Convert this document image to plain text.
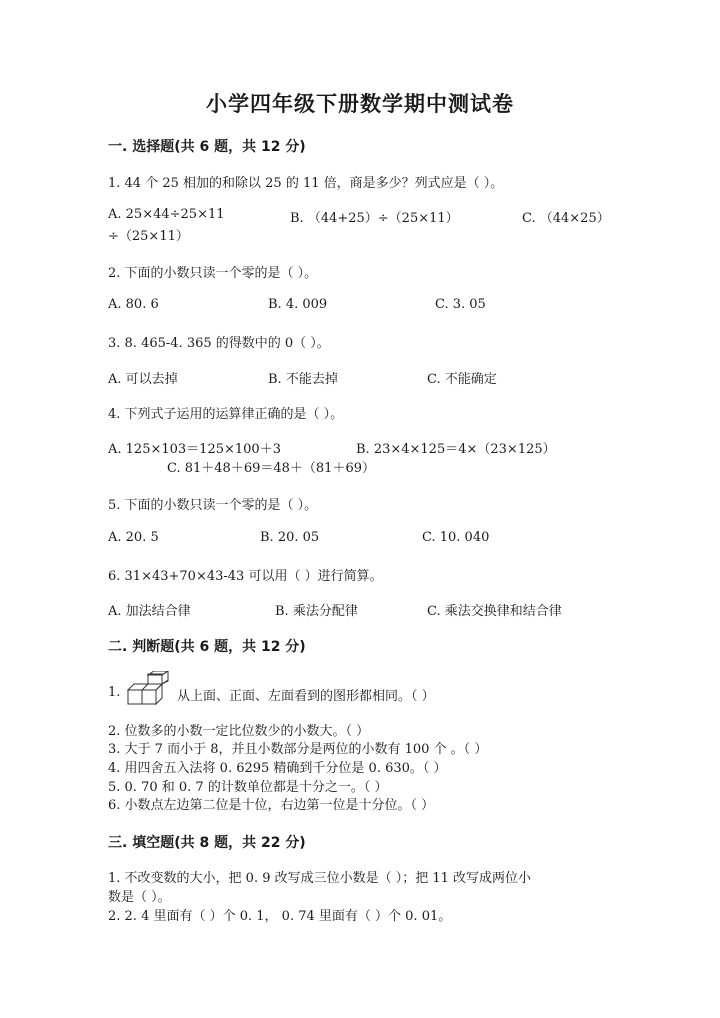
小学四年级下册数学期中测试卷
一. 选择题(共 6 题，共 12 分)
1. 44 个 25 相加的和除以 25 的 11 倍，商是多少？列式应是（ ）。
A. 25×44÷25×11	B. （44+25）÷（25×11）	C. （44×25）
÷（25×11）
2. 下面的小数只读一个零的是（ ）。
A. 80. 6	B. 4. 009	C. 3. 05
3. 8. 465-4. 365 的得数中的 0（ ）。
A. 可以去掉	B. 不能去掉	C. 不能确定
4. 下列式子运用的运算律正确的是（ ）。
A. 125×103＝125×100＋3	B. 23×4×125＝4×（23×125）
C. 81＋48＋69＝48＋（81＋69）
5. 下面的小数只读一个零的是（ ）。
A. 20. 5	B. 20. 05	C. 10. 040
6. 31×43+70×43-43 可以用（ ）进行简算。
A. 加法结合律	B. 乘法分配律	C. 乘法交换律和结合律
二. 判断题(共 6 题，共 12 分)
1.	从上面、正面、左面看到的图形都相同。（ ）
2. 位数多的小数一定比位数少的小数大。（ ）
3. 大于 7 而小于 8，并且小数部分是两位的小数有 100 个 。（ ）
4. 用四舍五入法将 0. 6295 精确到千分位是 0. 630。（ ）
5. 0. 70 和 0. 7 的计数单位都是十分之一。（ ）
6. 小数点左边第二位是十位，右边第一位是十分位。（ ）
三. 填空题(共 8 题，共 22 分)
1. 不改变数的大小，把 0. 9 改写成三位小数是（ ）；把 11 改写成两位小
数是（ ）。
2. 2. 4 里面有（ ）个 0. 1， 0. 74 里面有（ ）个 0. 01。
